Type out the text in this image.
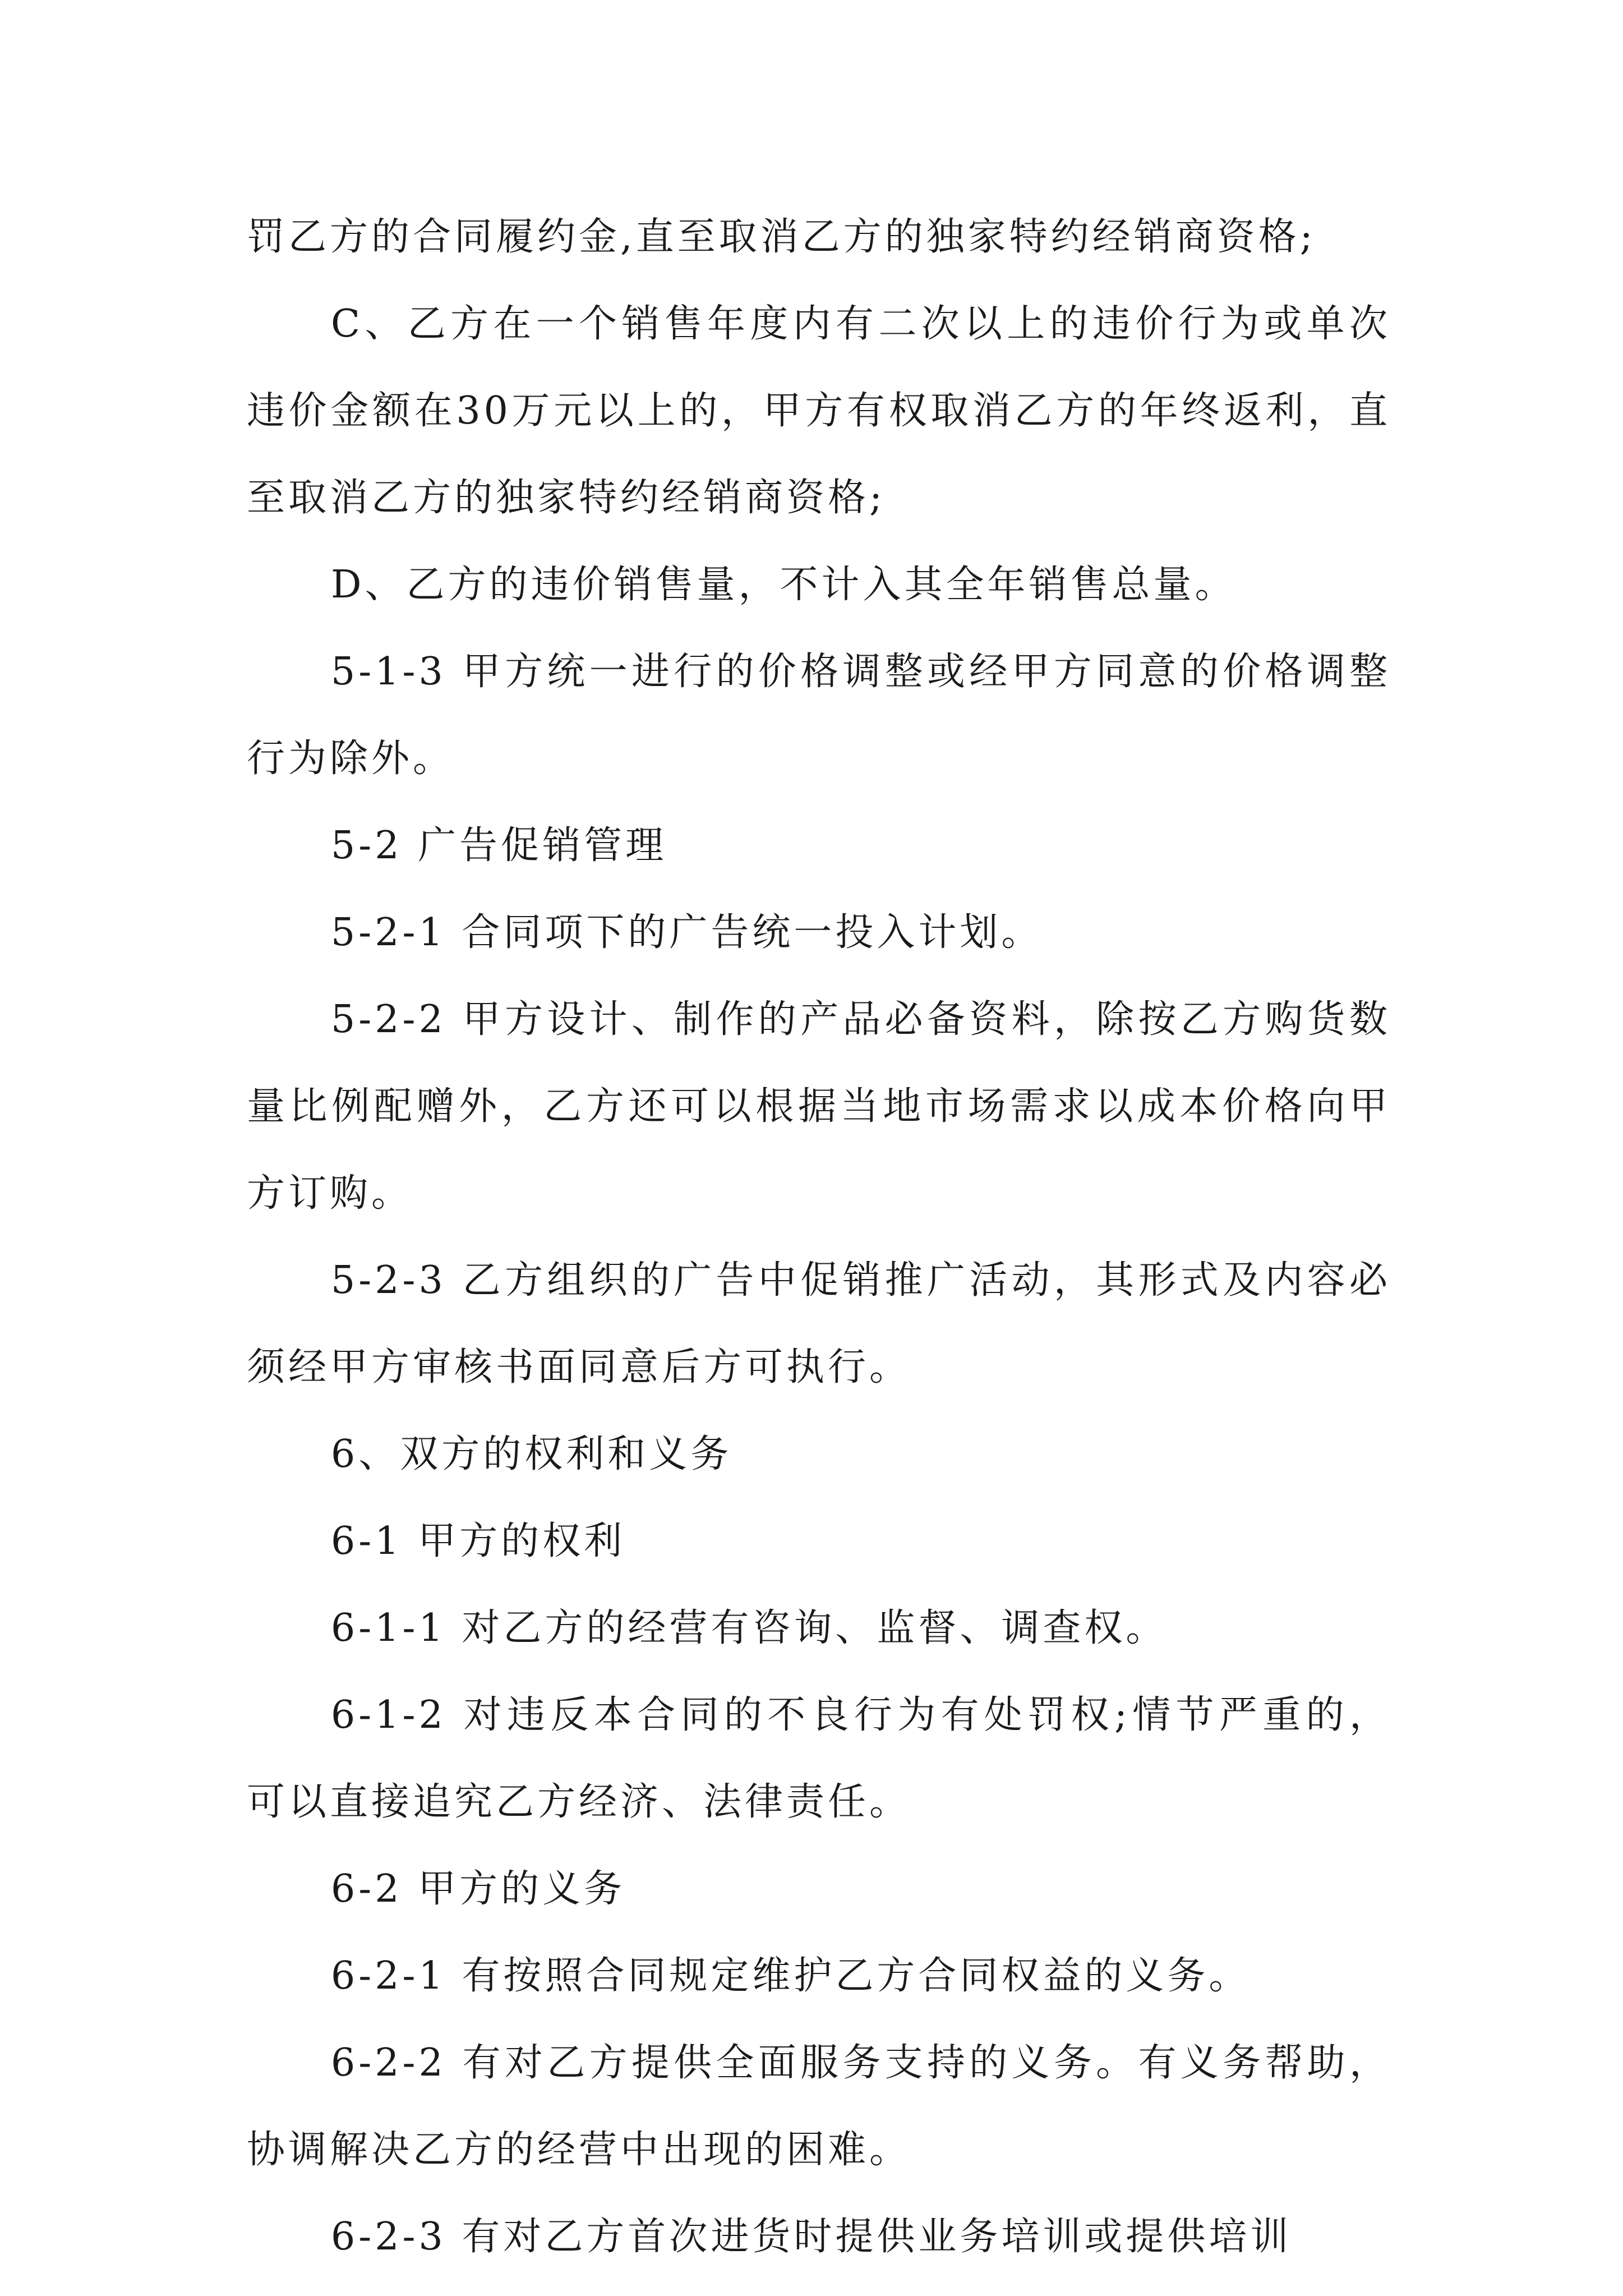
罚乙方的合同履约金,直至取消乙方的独家特约经销商资格;

C、乙方在一个销售年度内有二次以上的违价行为或单次违价金额在30万元以上的，甲方有权取消乙方的年终返利，直至取消乙方的独家特约经销商资格;

D、乙方的违价销售量，不计入其全年销售总量。

5-1-3 甲方统一进行的价格调整或经甲方同意的价格调整行为除外。

5-2 广告促销管理

5-2-1 合同项下的广告统一投入计划。

5-2-2 甲方设计、制作的产品必备资料，除按乙方购货数量比例配赠外，乙方还可以根据当地市场需求以成本价格向甲方订购。

5-2-3 乙方组织的广告中促销推广活动，其形式及内容必须经甲方审核书面同意后方可执行。

6、双方的权利和义务

6-1 甲方的权利

6-1-1 对乙方的经营有咨询、监督、调查权。

6-1-2 对违反本合同的不良行为有处罚权;情节严重的，可以直接追究乙方经济、法律责任。

6-2 甲方的义务

6-2-1 有按照合同规定维护乙方合同权益的义务。

6-2-2 有对乙方提供全面服务支持的义务。有义务帮助，协调解决乙方的经营中出现的困难。

6-2-3 有对乙方首次进货时提供业务培训或提供培训
